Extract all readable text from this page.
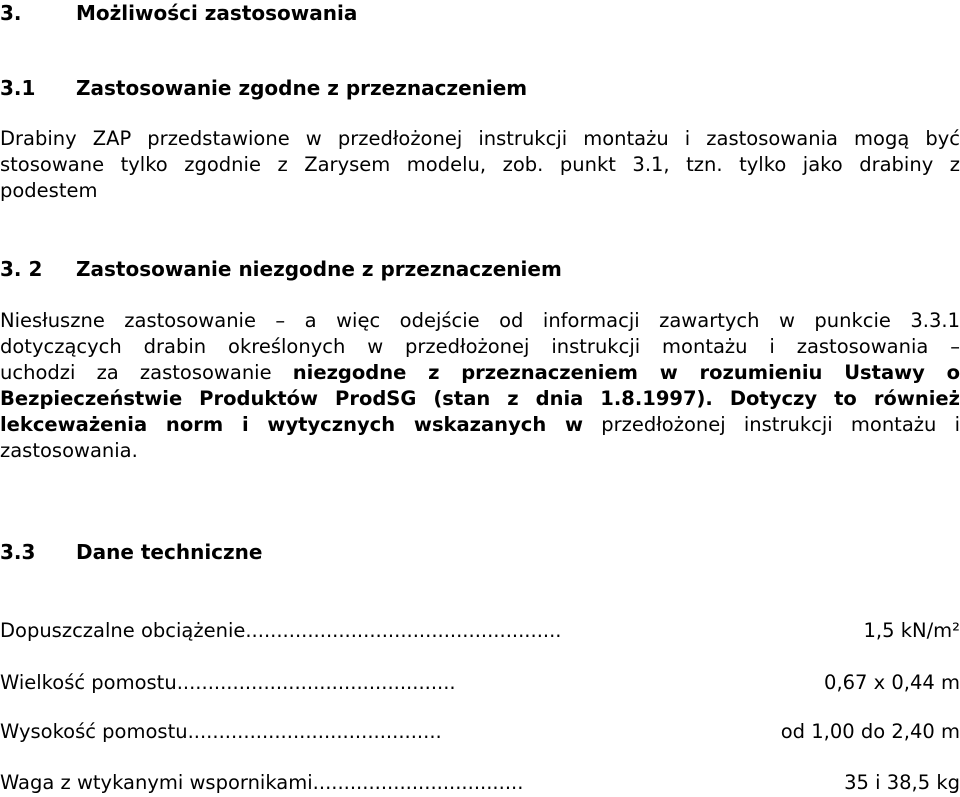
3.	Możliwości zastosowania
3.1 Zastosowanie zgodne z przeznaczeniem
Drabiny ZAP przedstawione w przedłożonej instrukcji montażu i zastosowania mogą być
stosowane tylko zgodnie z Zarysem modelu, zob. punkt 3.1, tzn. tylko jako drabiny z
podestem
3. 2 Zastosowanie niezgodne z przeznaczeniem
Niesłuszne zastosowanie – a więc odejście od informacji zawartych w punkcie 3.3.1
dotyczących drabin określonych w przedłożonej instrukcji montażu i zastosowania –
uchodzi za zastosowanie niezgodne z przeznaczeniem w rozumieniu Ustawy o
Bezpieczeństwie Produktów ProdSG (stan z dnia 1.8.1997). Dotyczy to również
lekceważenia norm i wytycznych wskazanych w przedłożonej instrukcji montażu i
zastosowania.
3.3 Dane techniczne
Dopuszczalne obciążenie ...................................................	1,5 kN/m²
Wielkość pomostu .............................................	0,67 x 0,44 m
Wysokość pomostu .........................................	od 1,00 do 2,40 m
Waga z wtykanymi wspornikami ..................................	35 i 38,5 kg
